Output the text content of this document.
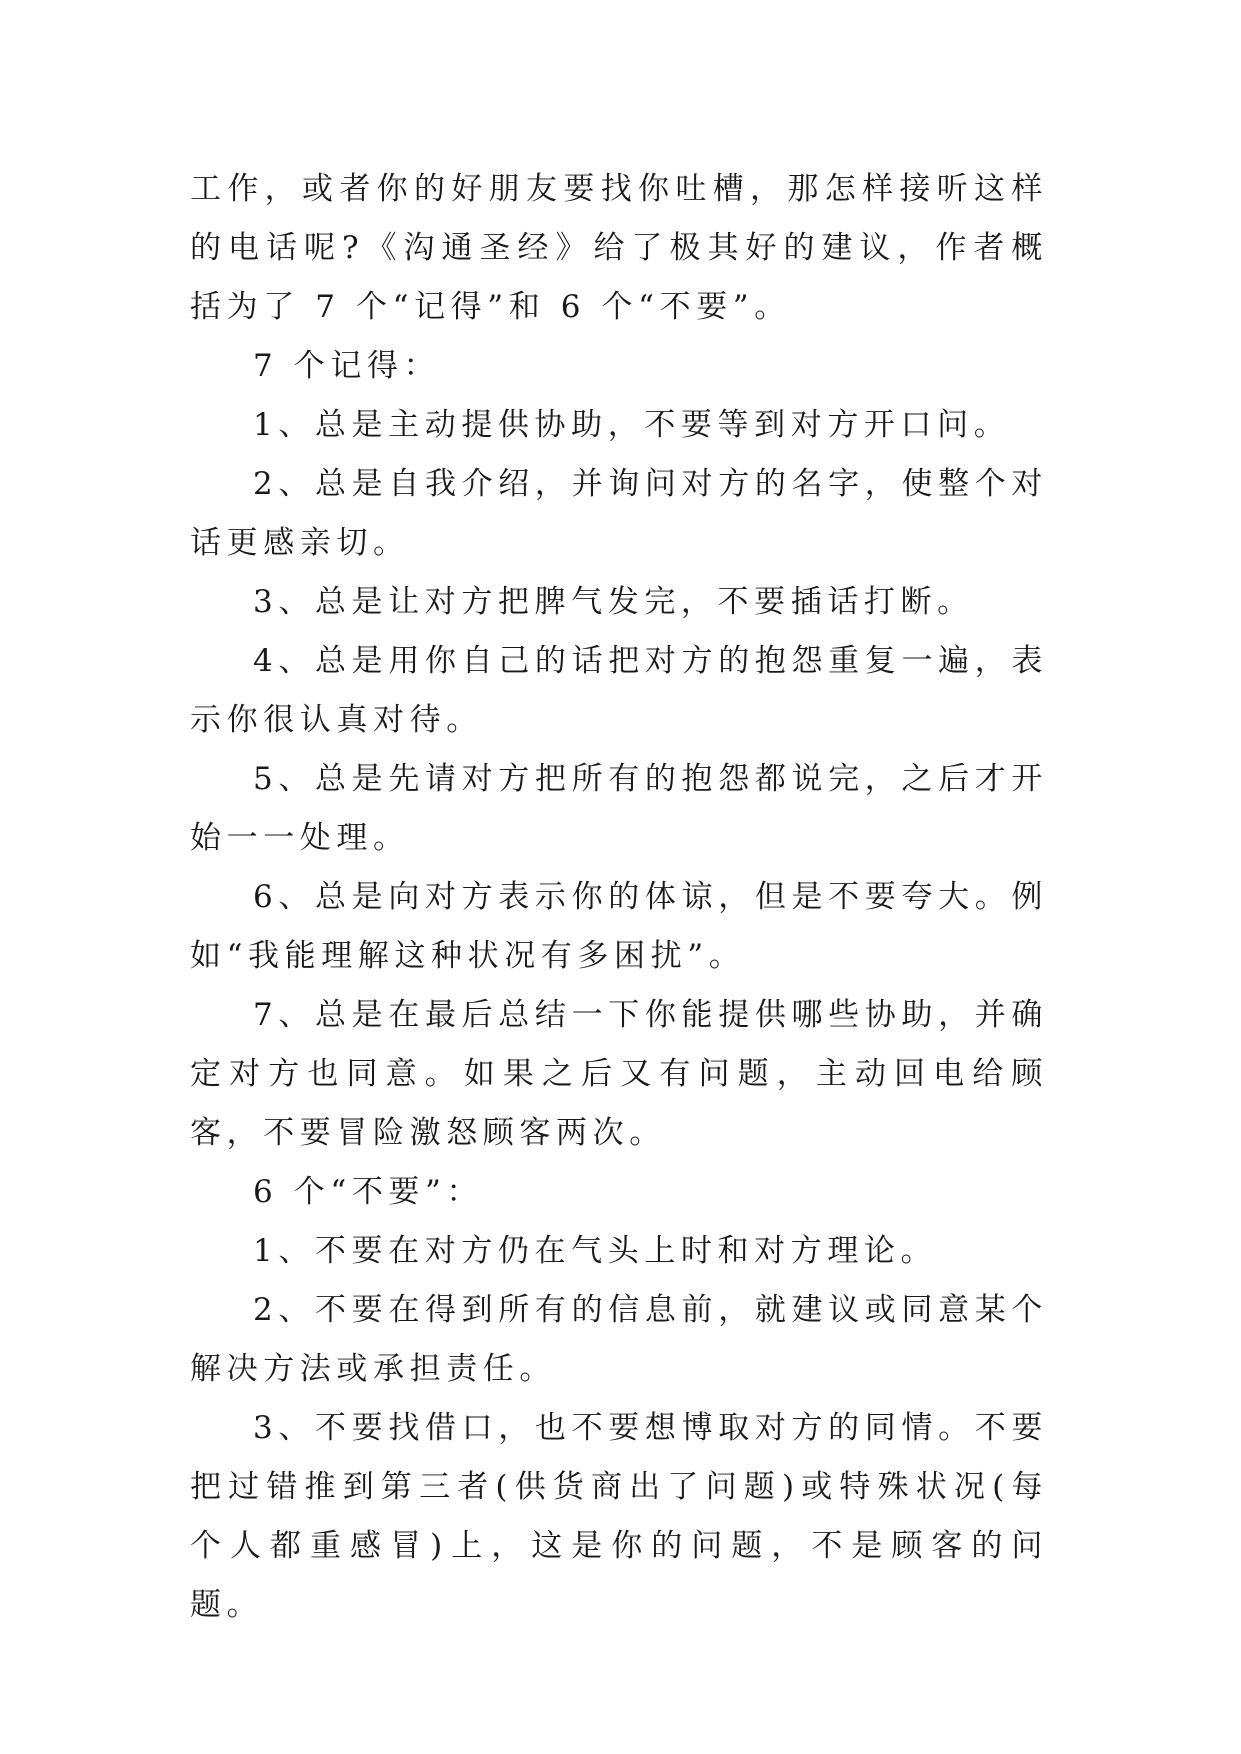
工作，或者你的好朋友要找你吐槽，那怎样接听这样的电话呢?《沟通圣经》给了极其好的建议，作者概括为了 7 个“记得”和 6 个“不要”。

7 个记得：

1、总是主动提供协助，不要等到对方开口问。

2、总是自我介绍，并询问对方的名字，使整个对话更感亲切。

3、总是让对方把脾气发完，不要插话打断。

4、总是用你自己的话把对方的抱怨重复一遍，表示你很认真对待。

5、总是先请对方把所有的抱怨都说完，之后才开始一一处理。

6、总是向对方表示你的体谅，但是不要夸大。例如“我能理解这种状况有多困扰”。

7、总是在最后总结一下你能提供哪些协助，并确定对方也同意。如果之后又有问题，主动回电给顾客，不要冒险激怒顾客两次。

6 个“不要”：

1、不要在对方仍在气头上时和对方理论。

2、不要在得到所有的信息前，就建议或同意某个解决方法或承担责任。

3、不要找借口，也不要想博取对方的同情。不要把过错推到第三者(供货商出了问题)或特殊状况(每个人都重感冒)上，这是你的问题，不是顾客的问题。
